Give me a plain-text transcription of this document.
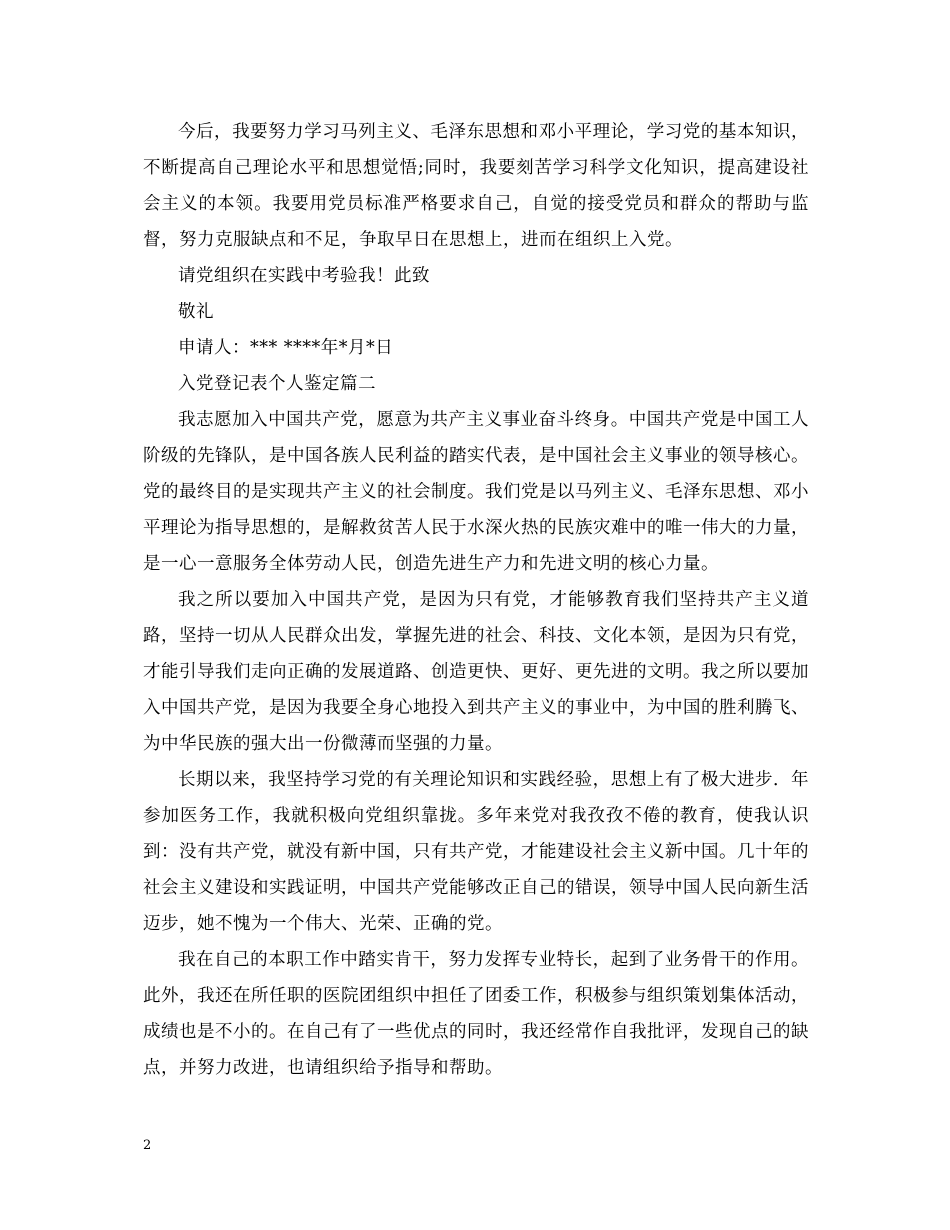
今后，我要努力学习马列主义、毛泽东思想和邓小平理论，学习党的基本知识，不断提高自己理论水平和思想觉悟;同时，我要刻苦学习科学文化知识，提高建设社会主义的本领。我要用党员标准严格要求自己，自觉的接受党员和群众的帮助与监督，努力克服缺点和不足，争取早日在思想上，进而在组织上入党。

请党组织在实践中考验我！此致

敬礼

申请人：*** ****年*月*日

入党登记表个人鉴定篇二

我志愿加入中国共产党，愿意为共产主义事业奋斗终身。中国共产党是中国工人阶级的先锋队，是中国各族人民利益的踏实代表，是中国社会主义事业的领导核心。党的最终目的是实现共产主义的社会制度。我们党是以马列主义、毛泽东思想、邓小平理论为指导思想的，是解救贫苦人民于水深火热的民族灾难中的唯一伟大的力量，是一心一意服务全体劳动人民，创造先进生产力和先进文明的核心力量。

我之所以要加入中国共产党，是因为只有党，才能够教育我们坚持共产主义道路，坚持一切从人民群众出发，掌握先进的社会、科技、文化本领，是因为只有党，才能引导我们走向正确的发展道路、创造更快、更好、更先进的文明。我之所以要加入中国共产党，是因为我要全身心地投入到共产主义的事业中，为中国的胜利腾飞、为中华民族的强大出一份微薄而坚强的力量。

长期以来，我坚持学习党的有关理论知识和实践经验，思想上有了极大进步．年参加医务工作，我就积极向党组织靠拢。多年来党对我孜孜不倦的教育，使我认识到：没有共产党，就没有新中国，只有共产党，才能建设社会主义新中国。几十年的社会主义建设和实践证明，中国共产党能够改正自己的错误，领导中国人民向新生活迈步，她不愧为一个伟大、光荣、正确的党。

我在自己的本职工作中踏实肯干，努力发挥专业特长，起到了业务骨干的作用。此外，我还在所任职的医院团组织中担任了团委工作，积极参与组织策划集体活动，成绩也是不小的。在自己有了一些优点的同时，我还经常作自我批评，发现自己的缺点，并努力改进，也请组织给予指导和帮助。

2
